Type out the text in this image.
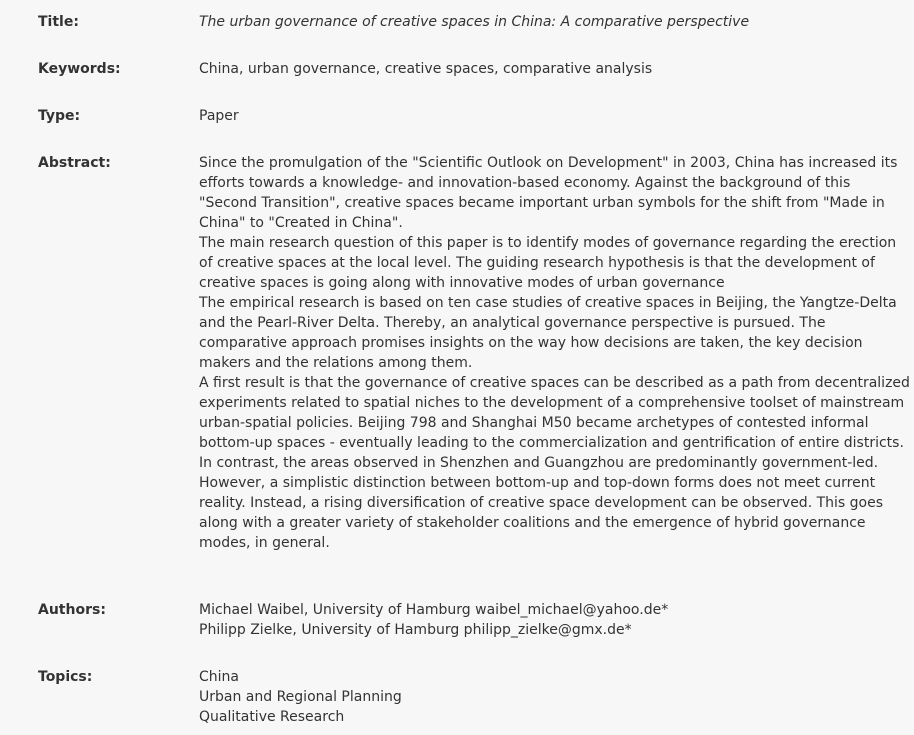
Title:	The urban governance of creative spaces in China: A comparative perspective
Keywords:	China, urban governance, creative spaces, comparative analysis
Type:	Paper
Abstract:	Since the promulgation of the "Scientific Outlook on Development" in 2003, China has increased its efforts towards a knowledge- and innovation-based economy. Against the background of this "Second Transition", creative spaces became important urban symbols for the shift from "Made in China" to "Created in China".

The main research question of this paper is to identify modes of governance regarding the erection of creative spaces at the local level. The guiding research hypothesis is that the development of creative spaces is going along with innovative modes of urban governance

The empirical research is based on ten case studies of creative spaces in Beijing, the Yangtze-Delta and the Pearl-River Delta. Thereby, an analytical governance perspective is pursued. The comparative approach promises insights on the way how decisions are taken, the key decision makers and the relations among them.

A first result is that the governance of creative spaces can be described as a path from decentralized experiments related to spatial niches to the development of a comprehensive toolset of mainstream urban-spatial policies. Beijing 798 and Shanghai M50 became archetypes of contested informal bottom-up spaces - eventually leading to the commercialization and gentrification of entire districts. In contrast, the areas observed in Shenzhen and Guangzhou are predominantly government-led. However, a simplistic distinction between bottom-up and top-down forms does not meet current reality. Instead, a rising diversification of creative space development can be observed. This goes along with a greater variety of stakeholder coalitions and the emergence of hybrid governance modes, in general.

Authors:	Michael Waibel, University of Hamburg waibel_michael@yahoo.de*
Philipp Zielke, University of Hamburg philipp_zielke@gmx.de*
Topics:	China
Urban and Regional Planning
Qualitative Research
